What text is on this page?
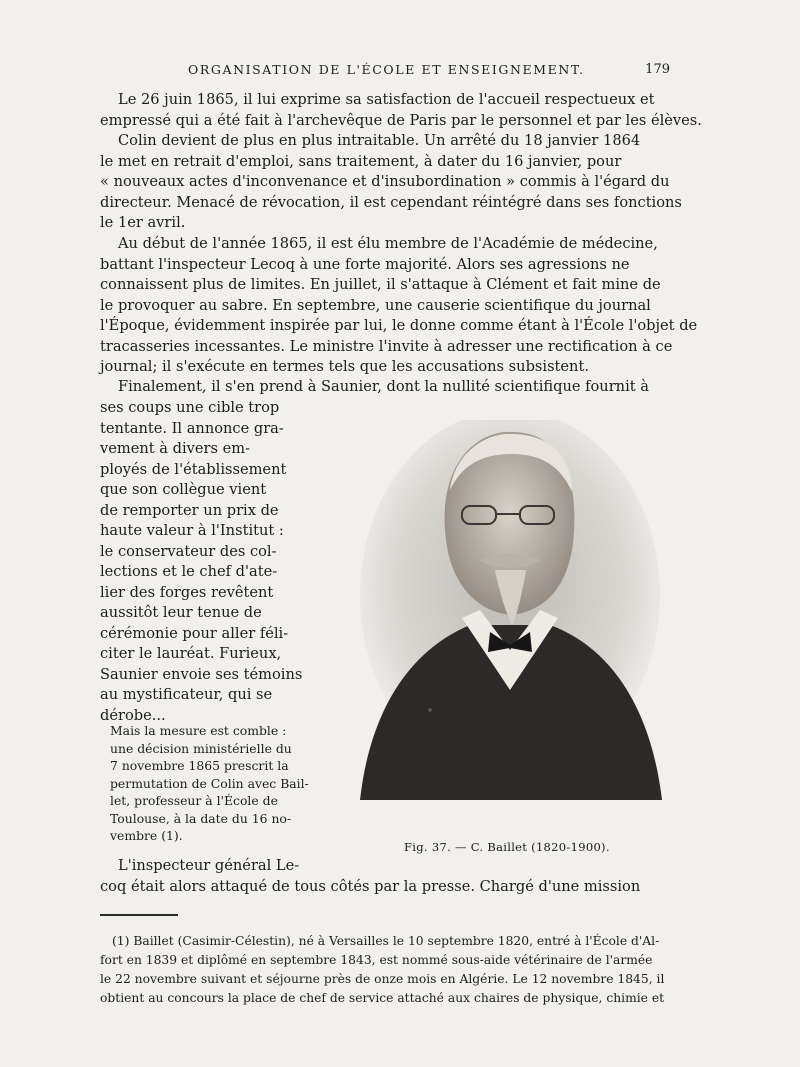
ORGANISATION DE L'ÉCOLE ET ENSEIGNEMENT.	179
Le 26 juin 1865, il lui exprime sa satisfaction de l'accueil respectueux et
empressé qui a été fait à l'archevêque de Paris par le personnel et par les élèves.
Colin devient de plus en plus intraitable. Un arrêté du 18 janvier 1864
le met en retrait d'emploi, sans traitement, à dater du 16 janvier, pour
« nouveaux actes d'inconvenance et d'insubordination » commis à l'égard du
directeur. Menacé de révocation, il est cependant réintégré dans ses fonctions
le 1er avril.
Au début de l'année 1865, il est élu membre de l'Académie de médecine,
battant l'inspecteur Lecoq à une forte majorité. Alors ses agressions ne
connaissent plus de limites. En juillet, il s'attaque à Clément et fait mine de
le provoquer au sabre. En septembre, une causerie scientifique du journal
l'Époque, évidemment inspirée par lui, le donne comme étant à l'École l'objet de
tracasseries incessantes. Le ministre l'invite à adresser une rectification à ce
journal; il s'exécute en termes tels que les accusations subsistent.
Finalement, il s'en prend à Saunier, dont la nullité scientifique fournit à
ses coups une cible trop
tentante. Il annonce gra-
vement à divers em-
ployés de l'établissement
que son collègue vient
de remporter un prix de
haute valeur à l'Institut :
le conservateur des col-
lections et le chef d'ate-
lier des forges revêtent
aussitôt leur tenue de
cérémonie pour aller féli-
citer le lauréat. Furieux,
Saunier envoie ses témoins
au mystificateur, qui se
dérobe...
Mais la mesure est comble :
une décision ministérielle du
7 novembre 1865 prescrit la
permutation de Colin avec Bail-
let, professeur à l'École de
Toulouse, à la date du 16 no-
vembre (1).
Fig. 37. — C. Baillet (1820-1900).
L'inspecteur général Le-
coq était alors attaqué de tous côtés par la presse. Chargé d'une mission
(1) Baillet (Casimir-Célestin), né à Versailles le 10 septembre 1820, entré à l'École d'Al-
fort en 1839 et diplômé en septembre 1843, est nommé sous-aide vétérinaire de l'armée
le 22 novembre suivant et séjourne près de onze mois en Algérie. Le 12 novembre 1845, il
obtient au concours la place de chef de service attaché aux chaires de physique, chimie et
